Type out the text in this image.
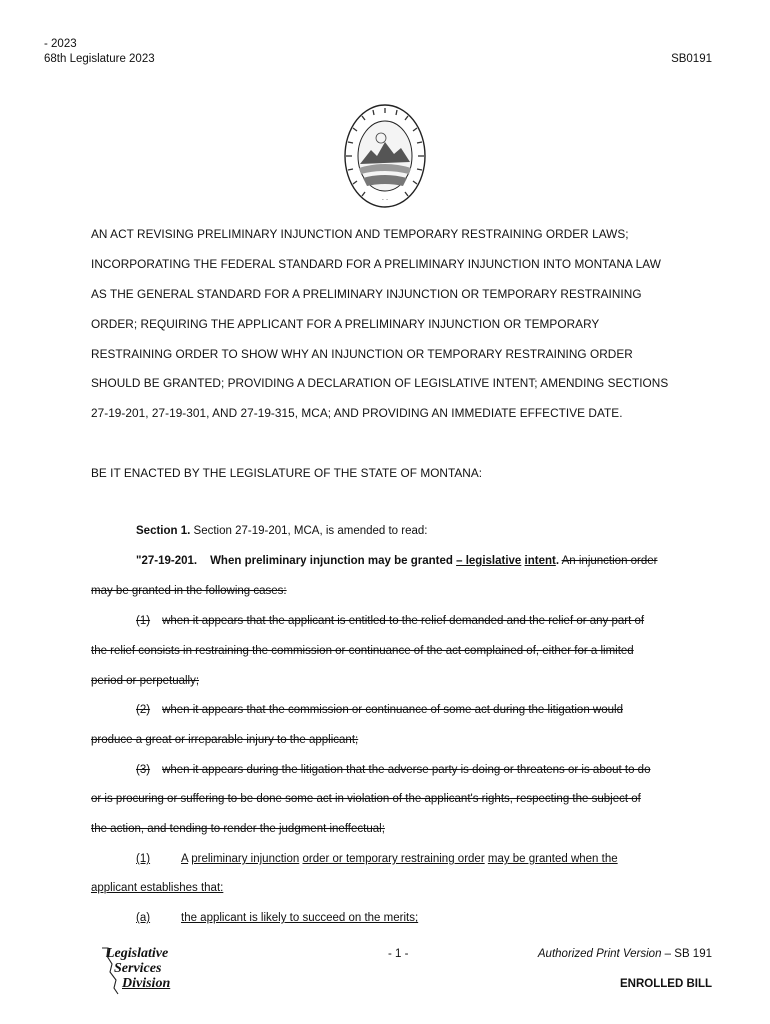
- 2023
68th Legislature 2023	SB0191
· ·
AN ACT REVISING PRELIMINARY INJUNCTION AND TEMPORARY RESTRAINING ORDER LAWS;
INCORPORATING THE FEDERAL STANDARD FOR A PRELIMINARY INJUNCTION INTO MONTANA LAW
AS THE GENERAL STANDARD FOR A PRELIMINARY INJUNCTION OR TEMPORARY RESTRAINING
ORDER; REQUIRING THE APPLICANT FOR A PRELIMINARY INJUNCTION OR TEMPORARY
RESTRAINING ORDER TO SHOW WHY AN INJUNCTION OR TEMPORARY RESTRAINING ORDER
SHOULD BE GRANTED; PROVIDING A DECLARATION OF LEGISLATIVE INTENT; AMENDING SECTIONS
27-19-201, 27-19-301, AND 27-19-315, MCA; AND PROVIDING AN IMMEDIATE EFFECTIVE DATE.
BE IT ENACTED BY THE LEGISLATURE OF THE STATE OF MONTANA:
Section 1. Section 27-19-201, MCA, is amended to read:
"27-19-201. When preliminary injunction may be granted – legislative intent. An injunction order
may be granted in the following cases:
(1) when it appears that the applicant is entitled to the relief demanded and the relief or any part of
the relief consists in restraining the commission or continuance of the act complained of, either for a limited
period or perpetually;
(2) when it appears that the commission or continuance of some act during the litigation would
produce a great or irreparable injury to the applicant;
(3) when it appears during the litigation that the adverse party is doing or threatens or is about to do
or is procuring or suffering to be done some act in violation of the applicant's rights, respecting the subject of
the action, and tending to render the judgment ineffectual;
(1)	A preliminary injunction order or temporary restraining order may be granted when the
applicant establishes that:
(a)	the applicant is likely to succeed on the merits;
Legislative
Services
Division
- 1 -	Authorized Print Version – SB 191
ENROLLED BILL
